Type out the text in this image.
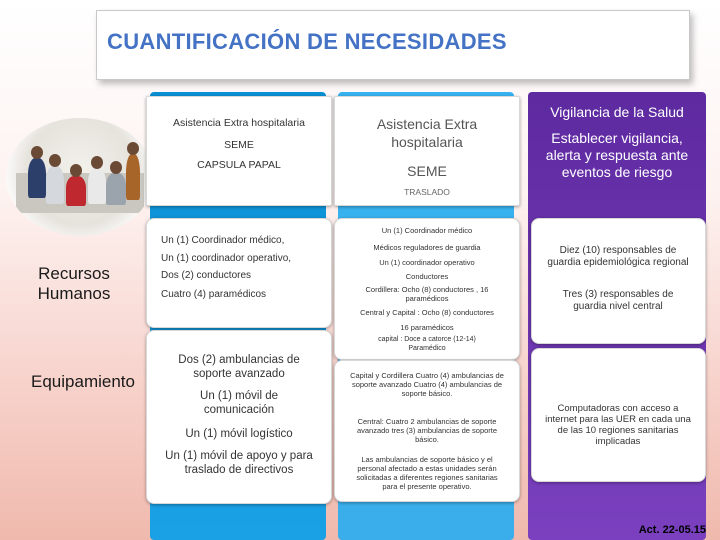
CUANTIFICACIÓN DE NECESIDADES
Recursos
Humanos
Equipamiento
Asistencia Extra hospitalaria
SEME
CAPSULA PAPAL
Un (1) Coordinador médico,
Un (1) coordinador operativo,
Dos (2) conductores
Cuatro (4) paramédicos
Dos (2) ambulancias de soporte avanzado
Un (1) móvil de comunicación
Un (1) móvil logístico
Un (1) móvil de apoyo y para traslado de directivos
Asistencia Extra hospitalaria
SEME
TRASLADO
Un (1) Coordinador médico
Médicos reguladores de guardia
Un (1) coordinador operativo
Conductores
Cordillera: Ocho (8) conductores , 16 paramédicos
Central y Capital : Ocho (8) conductores
16 paramédicos
capital : Doce a catorce (12-14) Paramédico
Capital y Cordillera Cuatro (4) ambulancias de soporte avanzado Cuatro (4) ambulancias de soporte básico.
Central: Cuatro 2 ambulancias de soporte avanzado tres (3) ambulancias de soporte básico.
Las ambulancias de soporte básico y el personal afectado a estas unidades serán solicitadas a diferentes regiones sanitarias para el presente operativo.
Vigilancia de la Salud
Establecer vigilancia, alerta y respuesta ante eventos de riesgo
Diez (10) responsables de guardia epidemiológica regional
Tres (3) responsables de guardia nivel central
Computadoras con acceso a internet para las UER en cada una de las 10 regiones sanitarias implicadas
Act. 22-05.15
